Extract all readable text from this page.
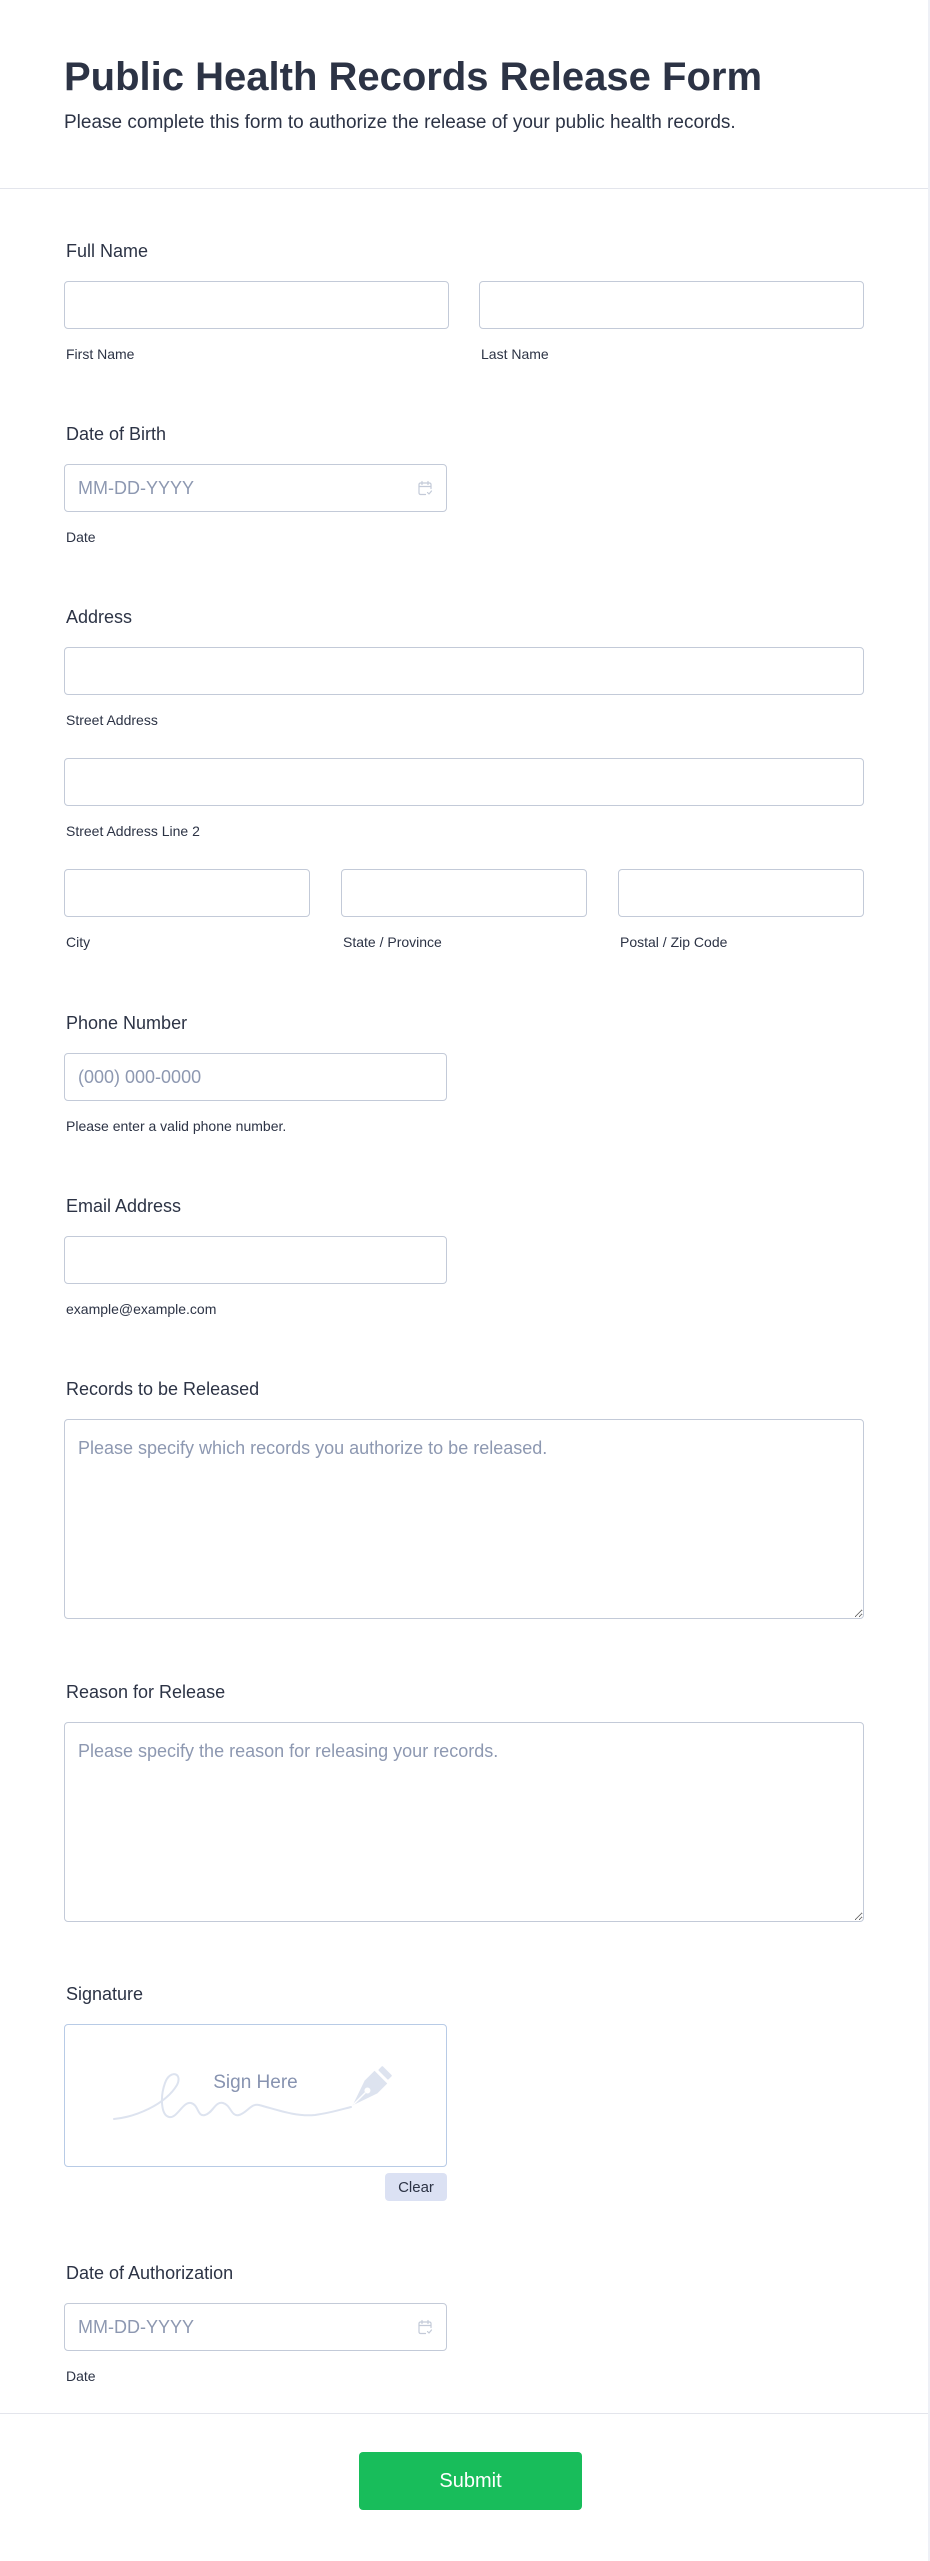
Public Health Records Release Form

Please complete this form to authorize the release of your public health records.

Full Name
First Name	Last Name
Date of Birth
MM-DD-YYYY
Date
Address
Street Address
Street Address Line 2
City	State / Province	Postal / Zip Code
Phone Number
(000) 000-0000
Please enter a valid phone number.
Email Address
example@example.com
Records to be Released
Please specify which records you authorize to be released.
Reason for Release
Please specify the reason for releasing your records.
Signature
Sign Here
Clear
Date of Authorization
MM-DD-YYYY
Date
Submit
